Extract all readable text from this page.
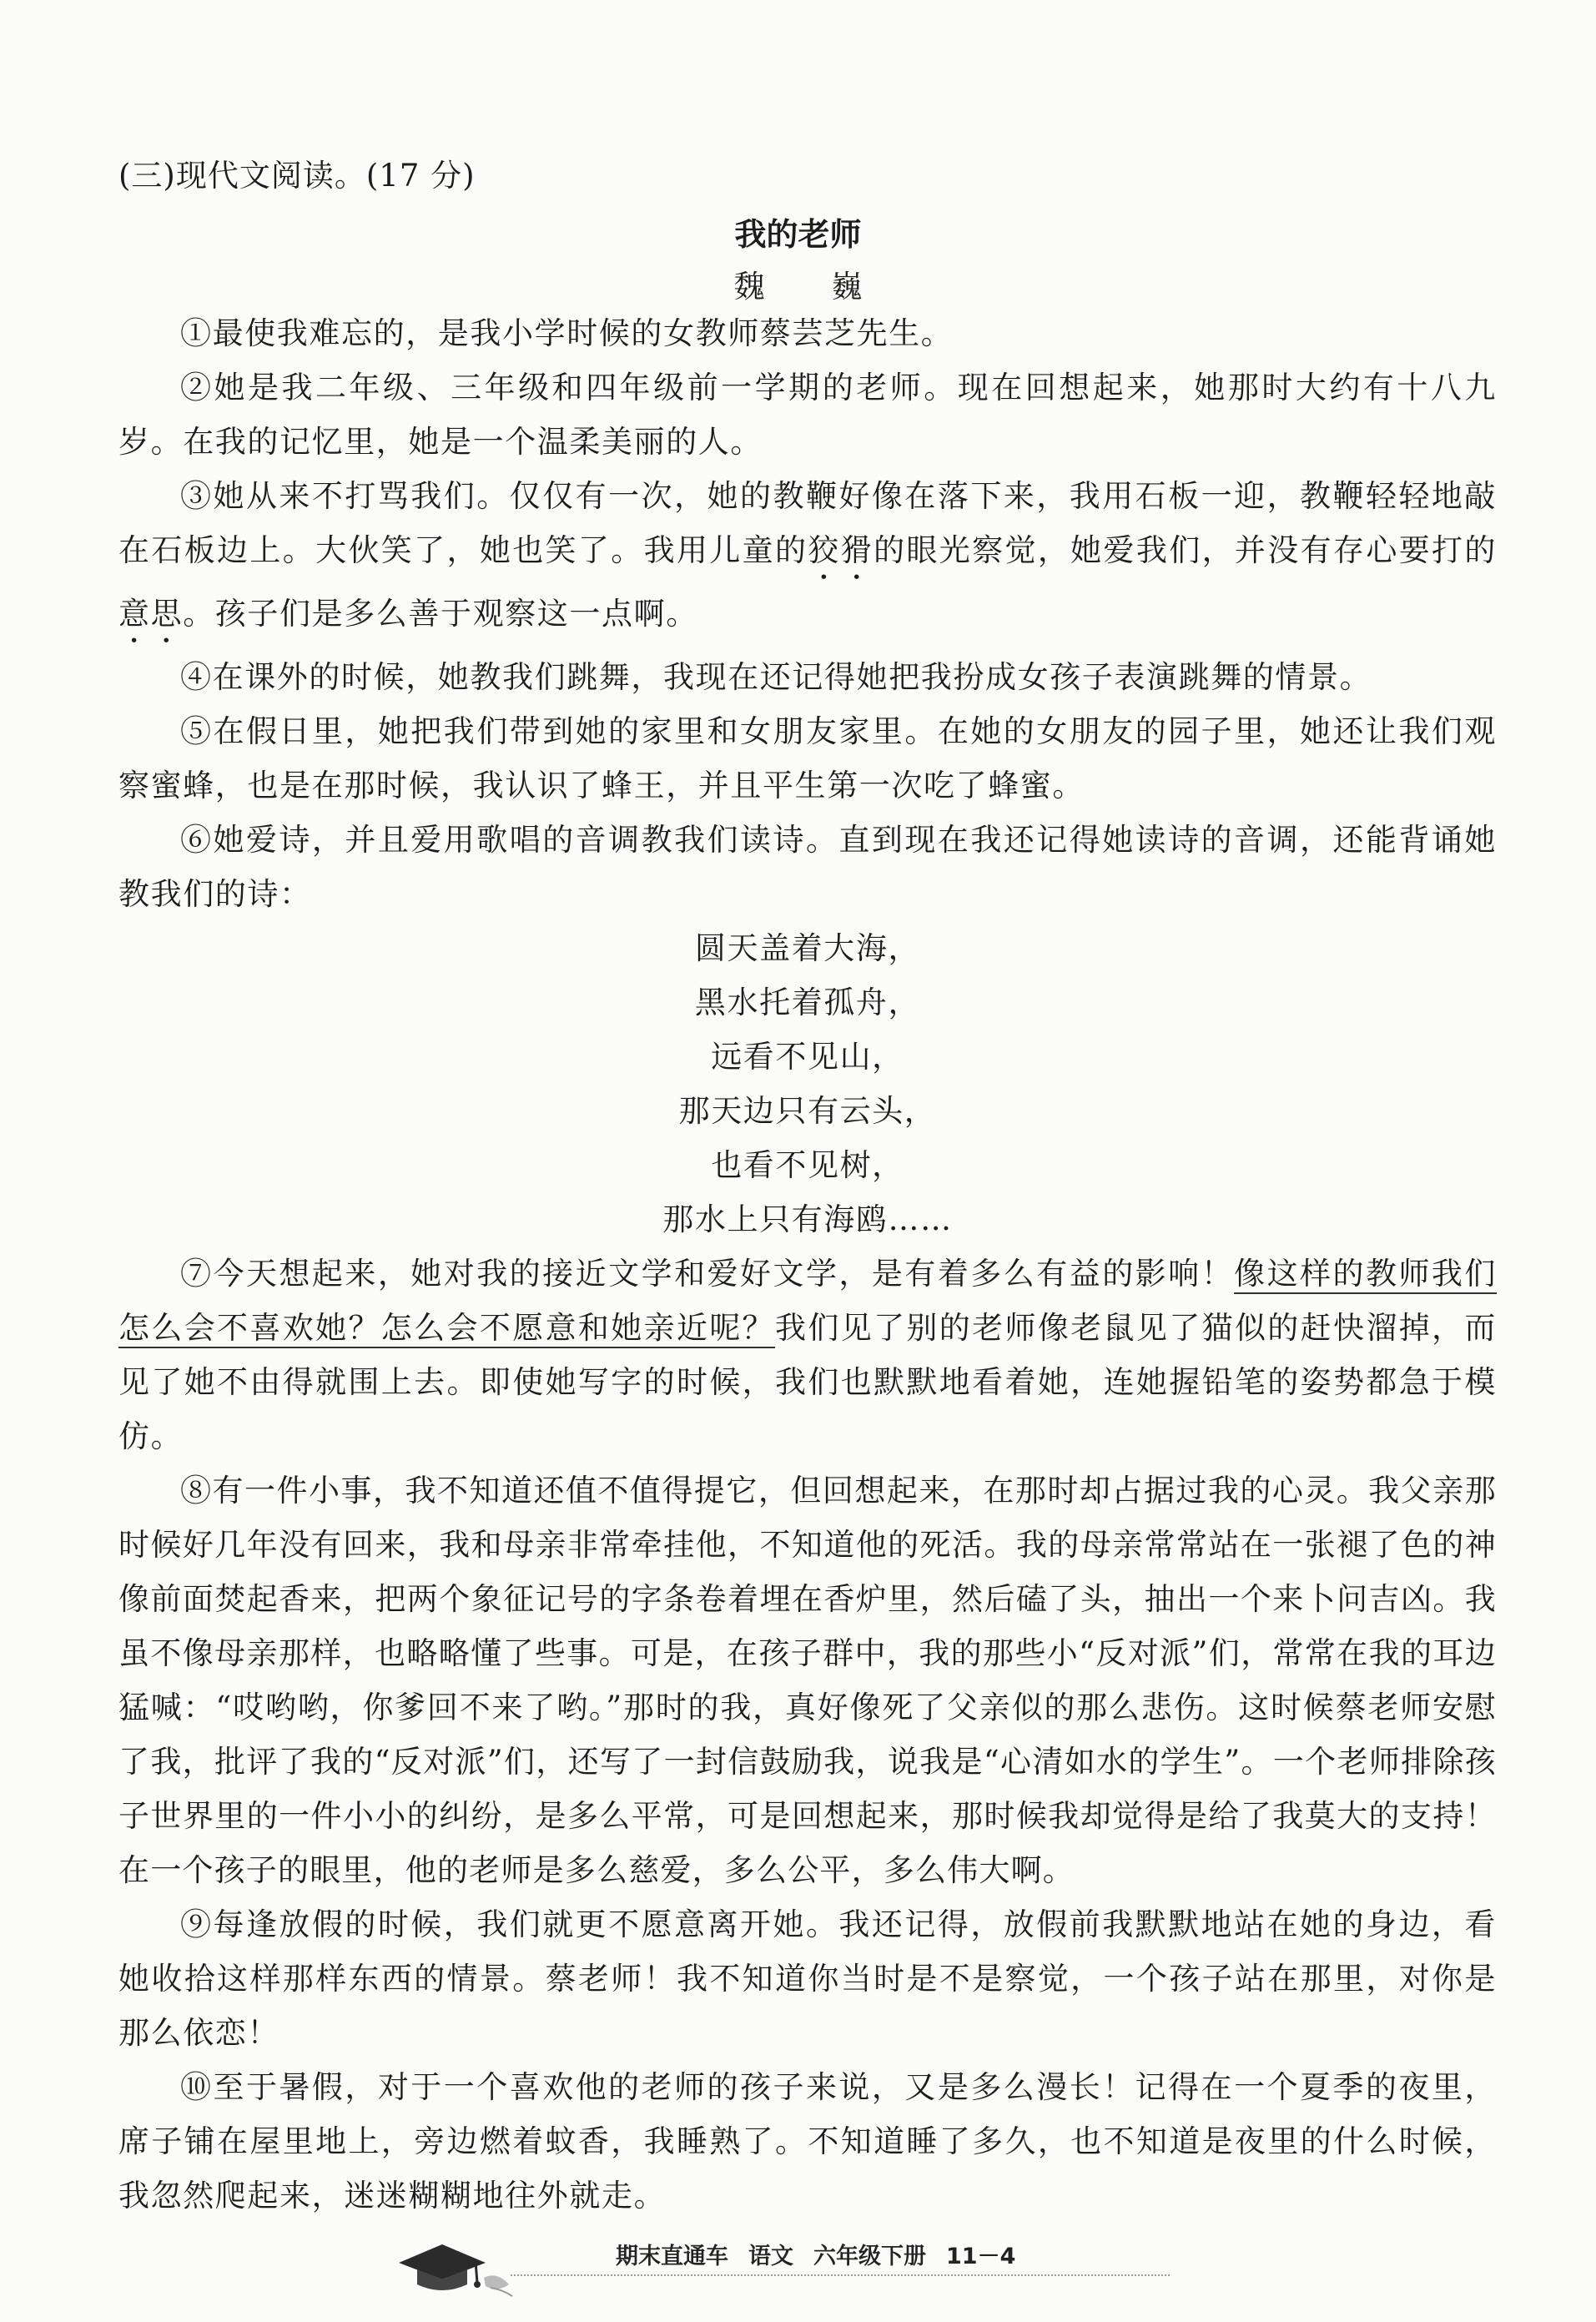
(三)现代文阅读。(17 分)
我的老师
魏 巍

①最使我难忘的，是我小学时候的女教师蔡芸芝先生。

②她是我二年级、三年级和四年级前一学期的老师。现在回想起来，她那时大约有十八九岁。在我的记忆里，她是一个温柔美丽的人。

③她从来不打骂我们。仅仅有一次，她的教鞭好像在落下来，我用石板一迎，教鞭轻轻地敲在石板边上。大伙笑了，她也笑了。我用儿童的狡猾的眼光察觉，她爱我们，并没有存心要打的意思。孩子们是多么善于观察这一点啊。

④在课外的时候，她教我们跳舞，我现在还记得她把我扮成女孩子表演跳舞的情景。

⑤在假日里，她把我们带到她的家里和女朋友家里。在她的女朋友的园子里，她还让我们观察蜜蜂，也是在那时候，我认识了蜂王，并且平生第一次吃了蜂蜜。

⑥她爱诗，并且爱用歌唱的音调教我们读诗。直到现在我还记得她读诗的音调，还能背诵她教我们的诗：

圆天盖着大海，
黑水托着孤舟，
远看不见山，
那天边只有云头，
也看不见树，
那水上只有海鸥……

⑦今天想起来，她对我的接近文学和爱好文学，是有着多么有益的影响！像这样的教师我们怎么会不喜欢她？怎么会不愿意和她亲近呢？我们见了别的老师像老鼠见了猫似的赶快溜掉，而见了她不由得就围上去。即使她写字的时候，我们也默默地看着她，连她握铅笔的姿势都急于模仿。

⑧有一件小事，我不知道还值不值得提它，但回想起来，在那时却占据过我的心灵。我父亲那时候好几年没有回来，我和母亲非常牵挂他，不知道他的死活。我的母亲常常站在一张褪了色的神像前面焚起香来，把两个象征记号的字条卷着埋在香炉里，然后磕了头，抽出一个来卜问吉凶。我虽不像母亲那样，也略略懂了些事。可是，在孩子群中，我的那些小“反对派”们，常常在我的耳边猛喊：“哎哟哟，你爹回不来了哟。”那时的我，真好像死了父亲似的那么悲伤。这时候蔡老师安慰了我，批评了我的“反对派”们，还写了一封信鼓励我，说我是“心清如水的学生”。一个老师排除孩子世界里的一件小小的纠纷，是多么平常，可是回想起来，那时候我却觉得是给了我莫大的支持！在一个孩子的眼里，他的老师是多么慈爱，多么公平，多么伟大啊。

⑨每逢放假的时候，我们就更不愿意离开她。我还记得，放假前我默默地站在她的身边，看她收拾这样那样东西的情景。蔡老师！我不知道你当时是不是察觉，一个孩子站在那里，对你是那么依恋！

⑩至于暑假，对于一个喜欢他的老师的孩子来说，又是多么漫长！记得在一个夏季的夜里，席子铺在屋里地上，旁边燃着蚊香，我睡熟了。不知道睡了多久，也不知道是夜里的什么时候，我忽然爬起来，迷迷糊糊地往外就走。

期末直通车 语文 六年级下册 11－4
